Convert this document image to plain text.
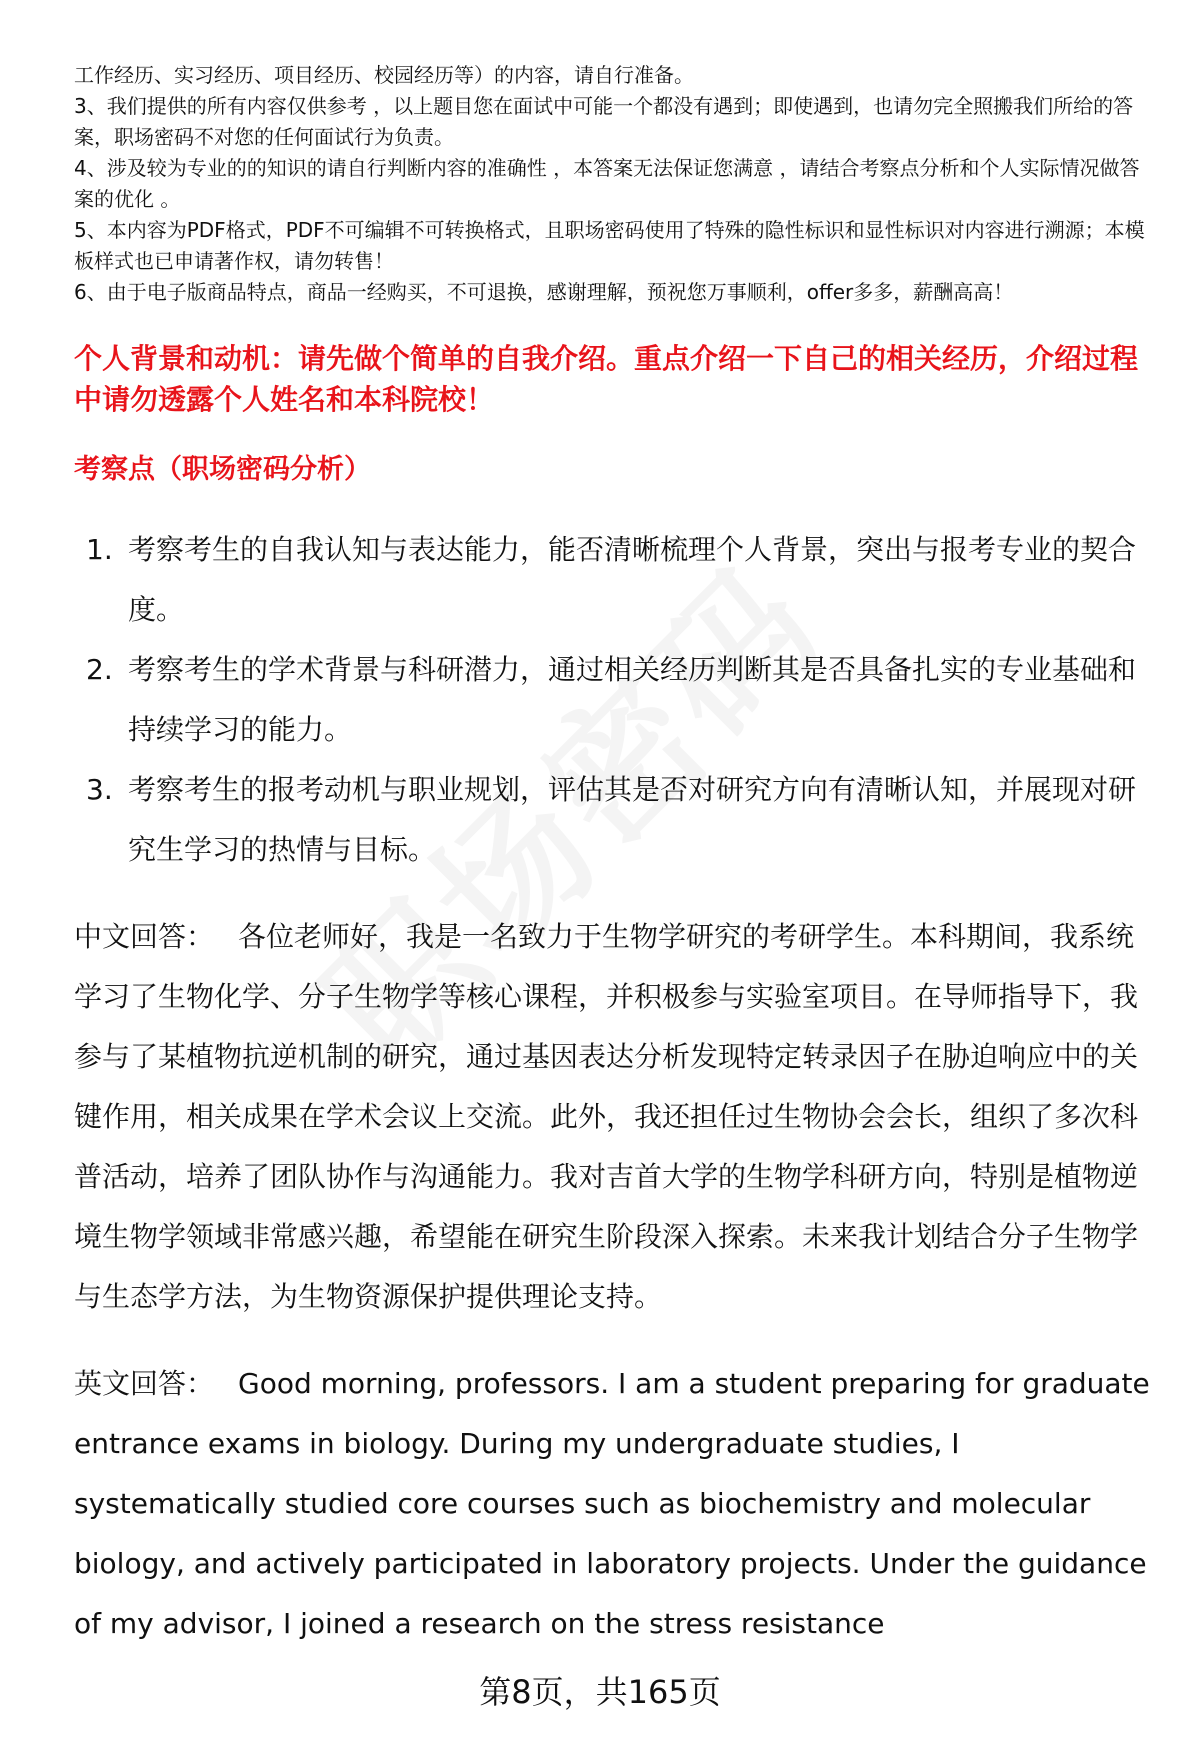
工作经历、实习经历、项目经历、校园经历等）的内容，请自行准备。

3、我们提供的所有内容仅供参考 ，以上题目您在面试中可能一个都没有遇到；即使遇到，也请勿完全照搬我们所给的答案，职场密码不对您的任何面试行为负责。

4、涉及较为专业的的知识的请自行判断内容的准确性 ，本答案无法保证您满意 ，请结合考察点分析和个人实际情况做答案的优化 。

5、本内容为PDF格式，PDF不可编辑不可转换格式，且职场密码使用了特殊的隐性标识和显性标识对内容进行溯源；本模板样式也已申请著作权，请勿转售！

6、由于电子版商品特点，商品一经购买，不可退换，感谢理解，预祝您万事顺利，offer多多，薪酬高高！

个人背景和动机：请先做个简单的自我介绍。重点介绍一下自己的相关经历，介绍过程中请勿透露个人姓名和本科院校！

考察点（职场密码分析）

1. 考察考生的自我认知与表达能力，能否清晰梳理个人背景，突出与报考专业的契合度。
2. 考察考生的学术背景与科研潜力，通过相关经历判断其是否具备扎实的专业基础和持续学习的能力。
3. 考察考生的报考动机与职业规划，评估其是否对研究方向有清晰认知，并展现对研究生学习的热情与目标。

中文回答： 各位老师好，我是一名致力于生物学研究的考研学生。本科期间，我系统学习了生物化学、分子生物学等核心课程，并积极参与实验室项目。在导师指导下，我参与了某植物抗逆机制的研究，通过基因表达分析发现特定转录因子在胁迫响应中的关键作用，相关成果在学术会议上交流。此外，我还担任过生物协会会长，组织了多次科普活动，培养了团队协作与沟通能力。我对吉首大学的生物学科研方向，特别是植物逆境生物学领域非常感兴趣，希望能在研究生阶段深入探索。未来我计划结合分子生物学与生态学方法，为生物资源保护提供理论支持。

英文回答： Good morning, professors. I am a student preparing for graduate entrance exams in biology. During my undergraduate studies, I systematically studied core courses such as biochemistry and molecular biology, and actively participated in laboratory projects. Under the guidance of my advisor, I joined a research on the stress resistance

第8页，共165页
